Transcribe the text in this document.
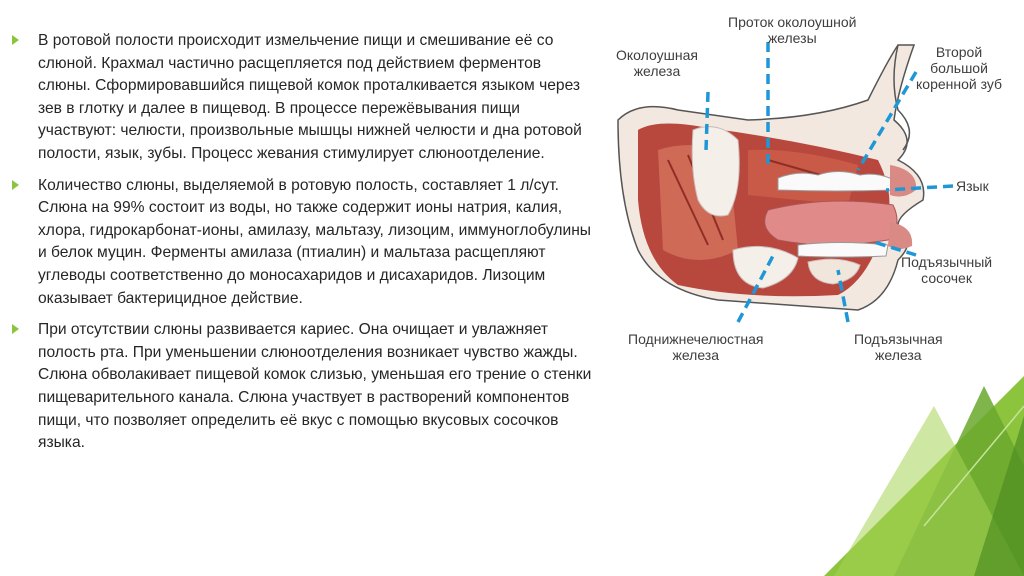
В ротовой полости происходит измельчение пищи и смешивание её со слюной. Крахмал частично расщепляется под действием ферментов слюны. Сформировавшийся пищевой комок проталкивается языком через зев в глотку и далее в пищевод. В процессе пережёвывания пищи участвуют: челюсти, произвольные мышцы нижней челюсти и дна ротовой полости, язык, зубы. Процесс жевания стимулирует слюноотделение.
Количество слюны, выделяемой в ротовую полость, составляет 1 л/сут. Слюна на 99% состоит из воды, но также содержит ионы натрия, калия, хлора, гидрокарбонат-ионы, амилазу, мальтазу, лизоцим, иммуноглобулины и белок муцин. Ферменты амилаза (птиалин) и мальтаза расщепляют углеводы соответственно до моносахаридов и дисахаридов. Лизоцим оказывает бактерицидное действие.
При отсутствии слюны развивается кариес. Она очищает и увлажняет полость рта. При уменьшении слюноотделения возникает чувство жажды. Слюна обволакивает пищевой комок слизью, уменьшая его трение о стенки пищеварительного канала. Слюна участвует в растворений компонентов пищи, что позволяет определить её вкус с помощью вкусовых сосочков языка.
Проток околоушной
железы
Околоушная
железа
Второй
большой
коренной зуб
Язык
Подъязычный
сосочек
Поднижнечелюстная
железа
Подъязычная
железа
